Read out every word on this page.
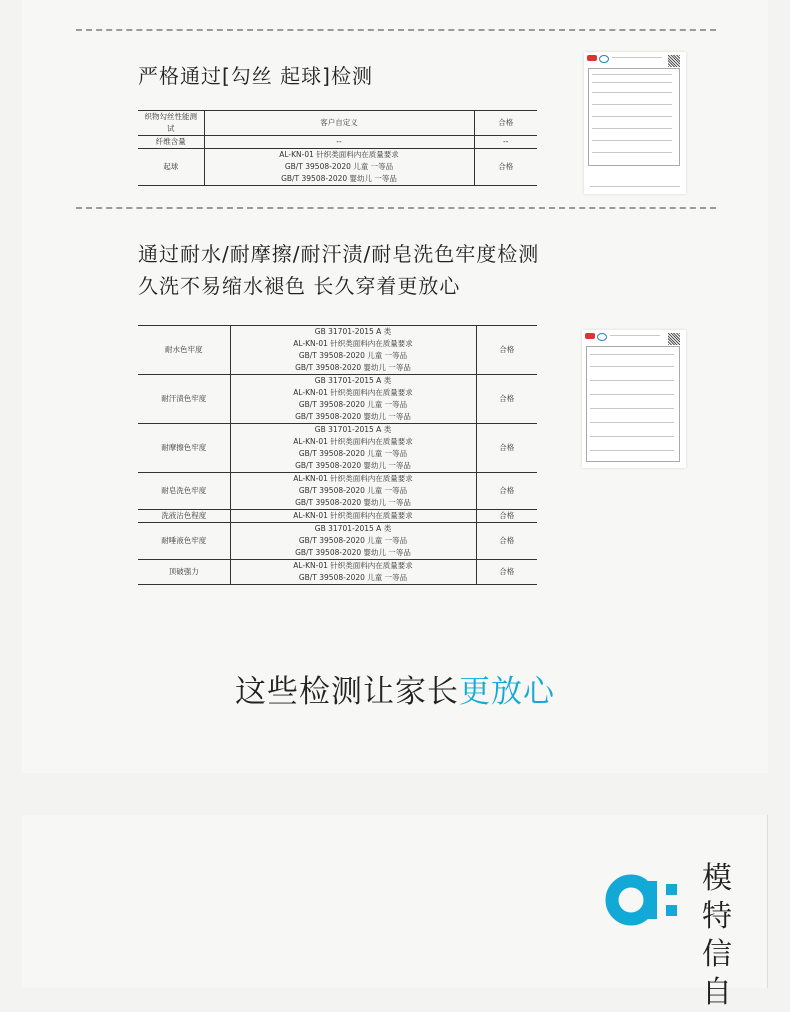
严格通过[勾丝 起球]检测
织物勾丝性能测试	客户自定义	合格
纤维含量	--	--
起球	AL-KN-01 针织类面料内在质量要求
GB/T 39508-2020 儿童 一等品
GB/T 39508-2020 婴幼儿 一等品	合格
通过耐水/耐摩擦/耐汗渍/耐皂洗色牢度检测
久洗不易缩水褪色 长久穿着更放心
耐水色牢度	GB 31701-2015 A 类
AL-KN-01 针织类面料内在质量要求
GB/T 39508-2020 儿童 一等品
GB/T 39508-2020 婴幼儿 一等品	合格
耐汗渍色牢度	GB 31701-2015 A 类
AL-KN-01 针织类面料内在质量要求
GB/T 39508-2020 儿童 一等品
GB/T 39508-2020 婴幼儿 一等品	合格
耐摩擦色牢度	GB 31701-2015 A 类
AL-KN-01 针织类面料内在质量要求
GB/T 39508-2020 儿童 一等品
GB/T 39508-2020 婴幼儿 一等品	合格
耐皂洗色牢度	AL-KN-01 针织类面料内在质量要求
GB/T 39508-2020 儿童 一等品
GB/T 39508-2020 婴幼儿 一等品	合格
洗液沾色程度	AL-KN-01 针织类面料内在质量要求	合格
耐唾液色牢度	GB 31701-2015 A 类
GB/T 39508-2020 儿童 一等品
GB/T 39508-2020 婴幼儿 一等品	合格
顶破强力	AL-KN-01 针织类面料内在质量要求
GB/T 39508-2020 儿童 一等品	合格
这些检测让家长更放心
模特信自
